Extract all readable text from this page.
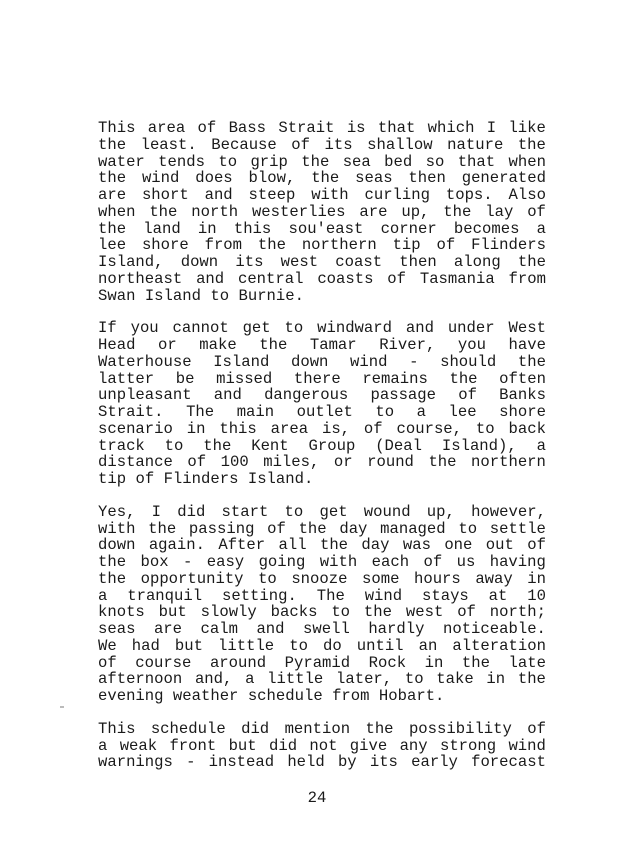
This area of Bass Strait is that which I like
the least. Because of its shallow nature the
water tends to grip the sea bed so that when
the wind does blow, the seas then generated
are short and steep with curling tops. Also
when the north westerlies are up, the lay of
the land in this sou'east corner becomes a
lee shore from the northern tip of Flinders
Island, down its west coast then along the
northeast and central coasts of Tasmania from
Swan Island to Burnie.
If you cannot get to windward and under West
Head or make the Tamar River, you have
Waterhouse Island down wind - should the
latter be missed there remains the often
unpleasant and dangerous passage of Banks
Strait. The main outlet to a lee shore
scenario in this area is, of course, to back
track to the Kent Group (Deal Island), a
distance of 100 miles, or round the northern
tip of Flinders Island.
Yes, I did start to get wound up, however,
with the passing of the day managed to settle
down again. After all the day was one out of
the box - easy going with each of us having
the opportunity to snooze some hours away in
a tranquil setting. The wind stays at 10
knots but slowly backs to the west of north;
seas are calm and swell hardly noticeable.
We had but little to do until an alteration
of course around Pyramid Rock in the late
afternoon and, a little later, to take in the
evening weather schedule from Hobart.
This schedule did mention the possibility of
a weak front but did not give any strong wind
warnings - instead held by its early forecast
24
